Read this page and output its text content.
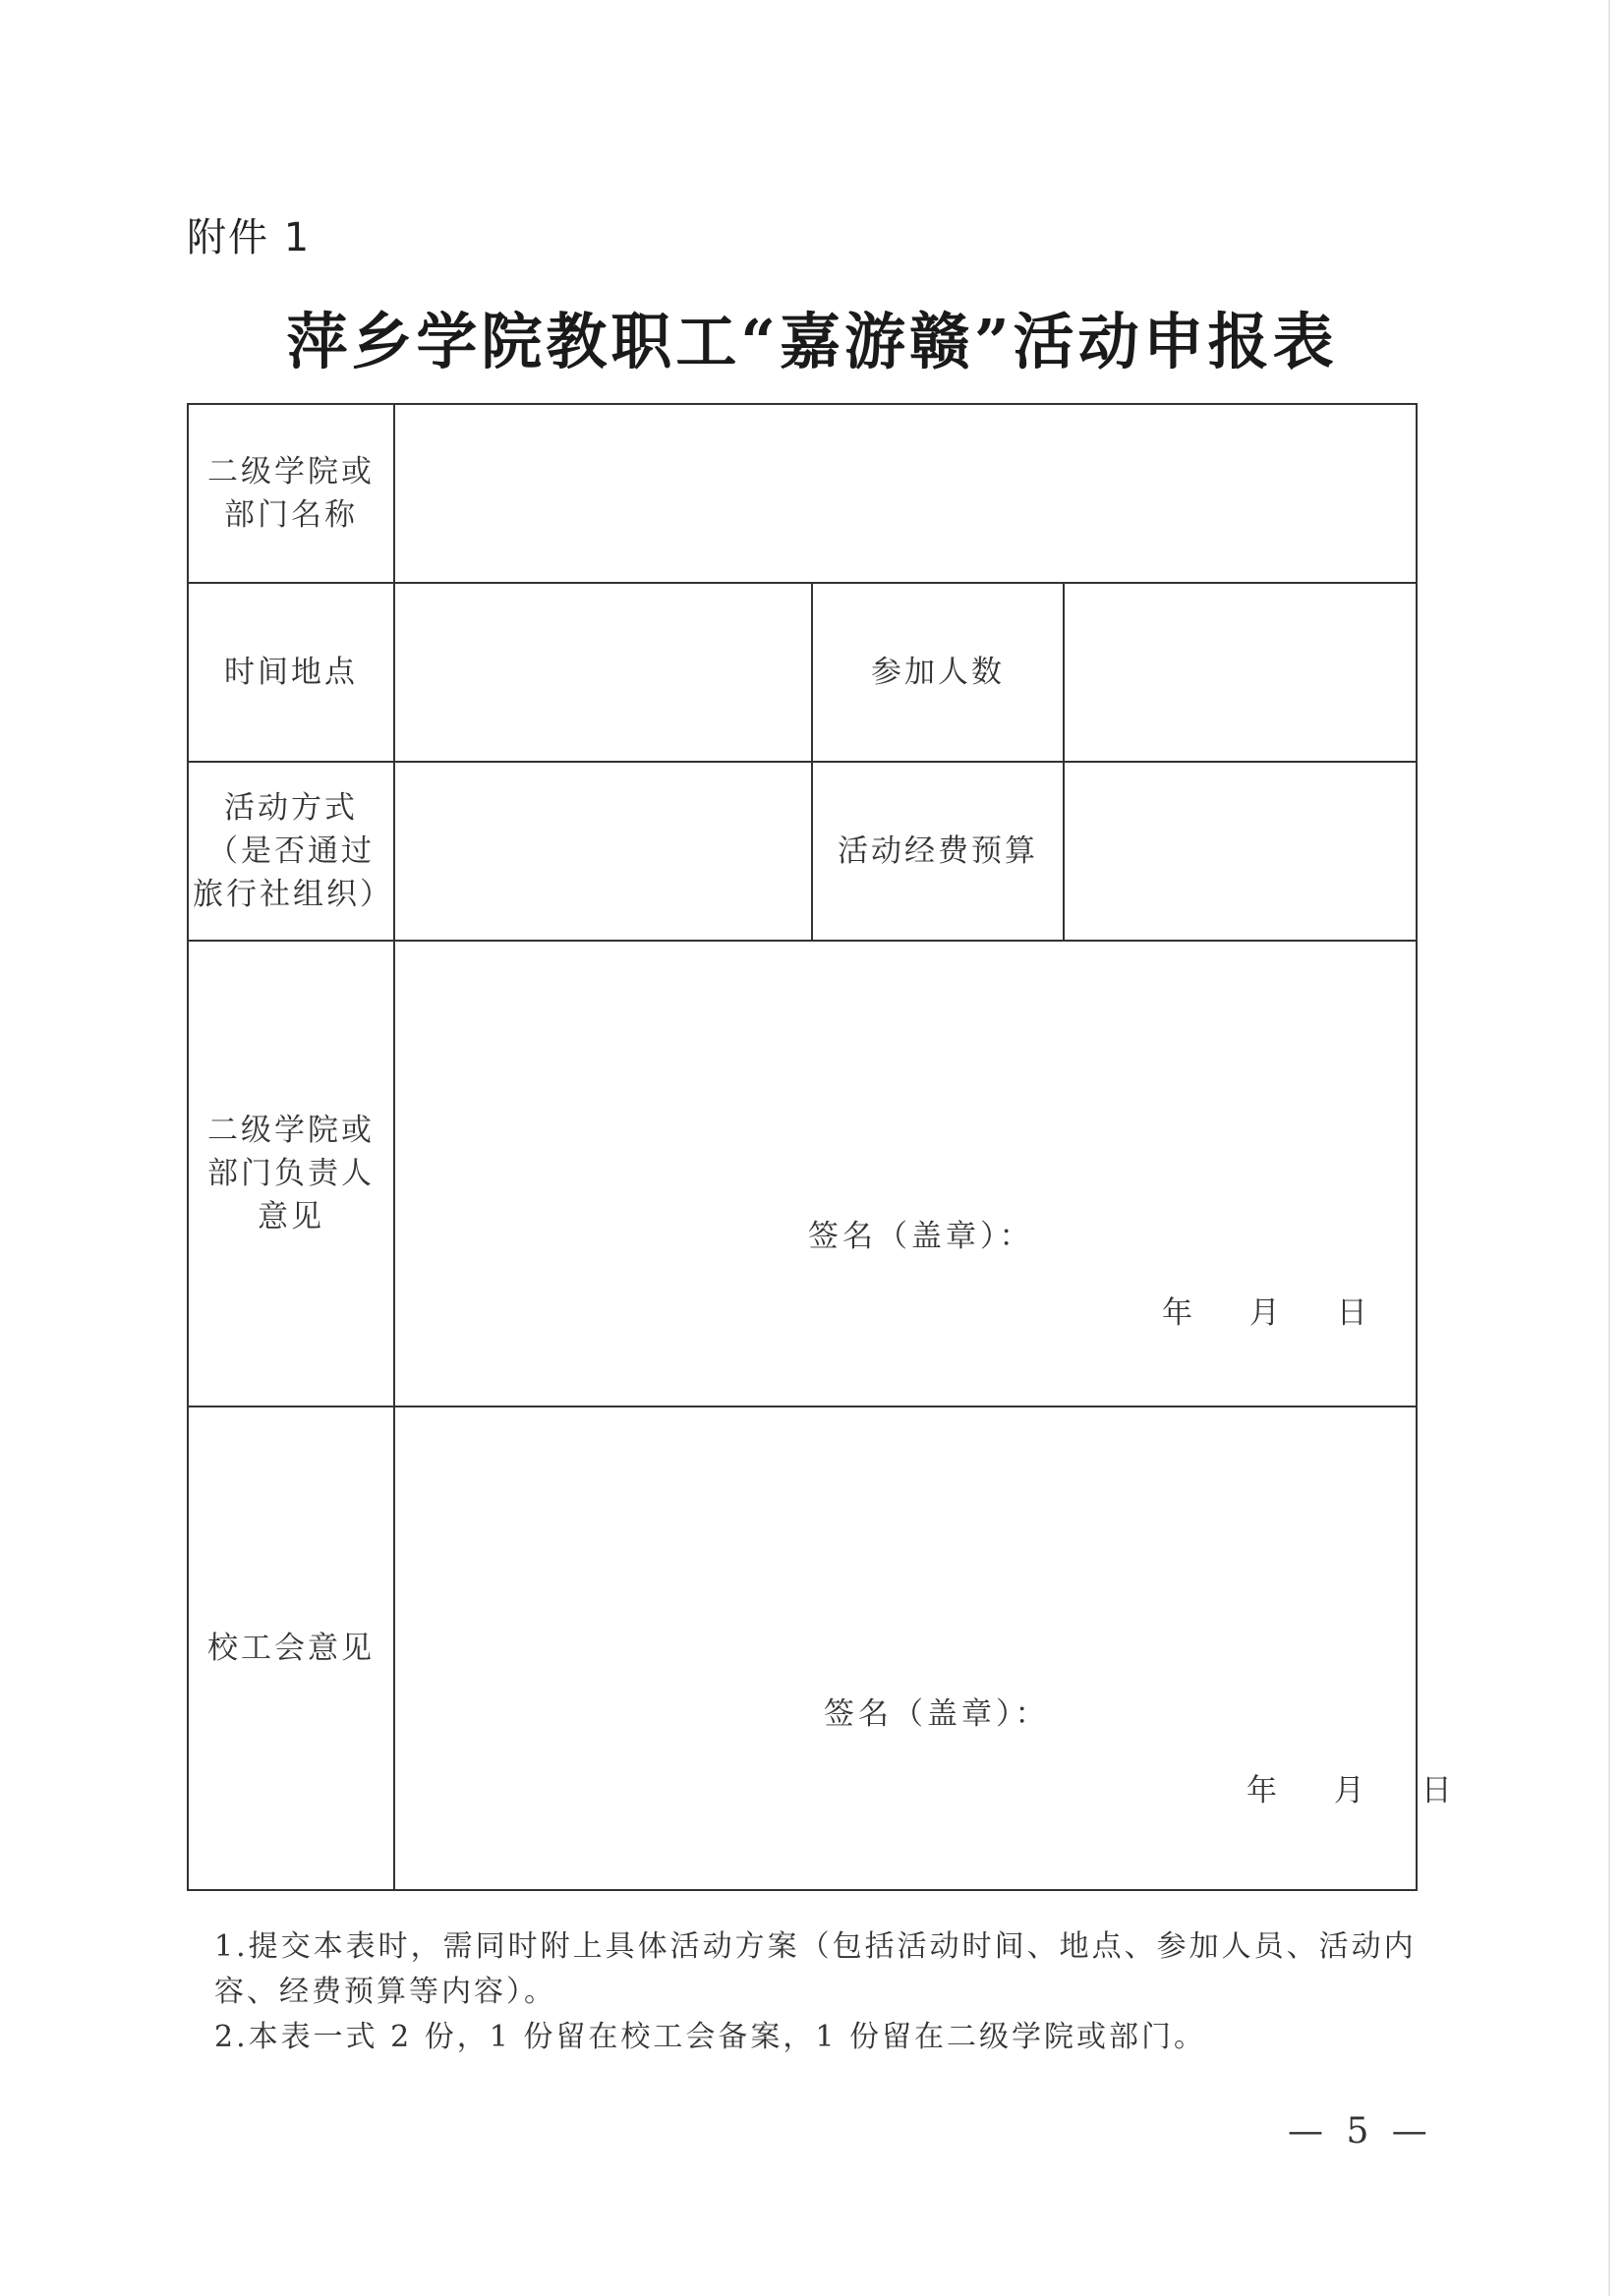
附件 1
萍乡学院教职工“嘉游赣”活动申报表
二级学院或部门名称			

时间地点		参加人数	

活动方式（是否通过旅行社组织）		活动经费预算	

二级学院或部门负责人意见	签名（盖章）：
年 月 日		

校工会意见	签名（盖章）：
年 月 日		

1.提交本表时，需同时附上具体活动方案（包括活动时间、地点、参加人员、活动内容、经费预算等内容）。

2.本表一式 2 份，1 份留在校工会备案，1 份留在二级学院或部门。

— 5 —
